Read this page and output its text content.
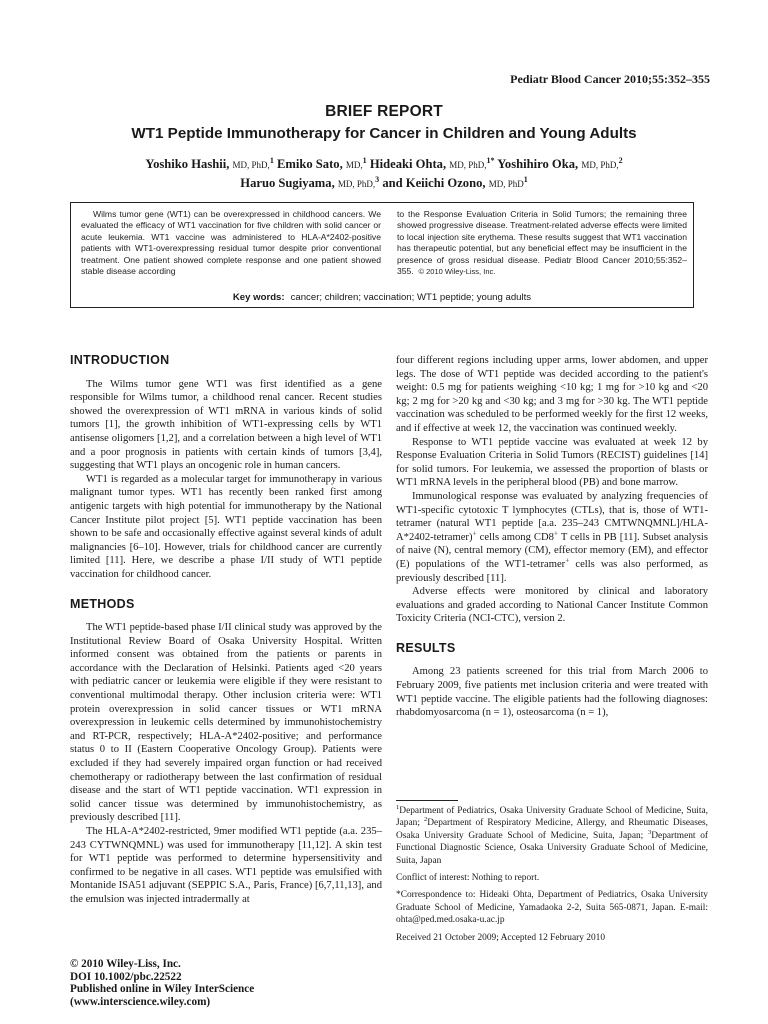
Pediatr Blood Cancer 2010;55:352–355
BRIEF REPORT
WT1 Peptide Immunotherapy for Cancer in Children and Young Adults
Yoshiko Hashii, MD, PhD,$^1$ Emiko Sato, MD,$^1$ Hideaki Ohta, MD, PhD,$^{1*}$ Yoshihiro Oka, MD, PhD,$^2$
Haruo Sugiyama, MD, PhD,$^3$ and Keiichi Ozono, MD, PhD$^1$

Wilms tumor gene (WT1) can be overexpressed in childhood cancers. We evaluated the efficacy of WT1 vaccination for five children with solid cancer or acute leukemia. WT1 vaccine was administered to HLA-A*2402-positive patients with WT1-overexpressing residual tumor despite prior conventional treatment. One patient showed complete response and one patient showed stable disease according

to the Response Evaluation Criteria in Solid Tumors; the remaining three showed progressive disease. Treatment-related adverse effects were limited to local injection site erythema. These results suggest that WT1 vaccination has therapeutic potential, but any beneficial effect may be insufficient in the presence of gross residual disease. Pediatr Blood Cancer 2010;55:352–355. © 2010 Wiley-Liss, Inc.

Key words: cancer; children; vaccination; WT1 peptide; young adults
INTRODUCTION

The Wilms tumor gene WT1 was first identified as a gene responsible for Wilms tumor, a childhood renal cancer. Recent studies showed the overexpression of WT1 mRNA in various kinds of solid tumors [1], the growth inhibition of WT1-expressing cells by WT1 antisense oligomers [1,2], and a correlation between a high level of WT1 and a poor prognosis in patients with certain kinds of tumors [3,4], suggesting that WT1 plays an oncogenic role in human cancers.

WT1 is regarded as a molecular target for immunotherapy in various malignant tumor types. WT1 has recently been ranked first among antigenic targets with high potential for immunotherapy by the National Cancer Institute pilot project [5]. WT1 peptide vaccination has been shown to be safe and occasionally effective against several kinds of adult malignancies [6–10]. However, trials for childhood cancer are currently limited [11]. Here, we describe a phase I/II study of WT1 peptide vaccination for childhood cancer.

METHODS

The WT1 peptide-based phase I/II clinical study was approved by the Institutional Review Board of Osaka University Hospital. Written informed consent was obtained from the patients or parents in accordance with the Declaration of Helsinki. Patients aged <20 years with pediatric cancer or leukemia were eligible if they were resistant to conventional multimodal therapy. Other inclusion criteria were: WT1 protein overexpression in solid cancer tissues or WT1 mRNA overexpression in leukemic cells determined by immunohistochemistry and RT-PCR, respectively; HLA-A*2402-positive; and performance status 0 to II (Eastern Cooperative Oncology Group). Patients were excluded if they had severely impaired organ function or had received chemotherapy or radiotherapy between the last confirmation of residual disease and the start of WT1 peptide vaccination. WT1 expression in solid cancer tissue was determined by immunohistochemistry, as previously described [11].

The HLA-A*2402-restricted, 9mer modified WT1 peptide (a.a. 235–243 CYTWNQMNL) was used for immunotherapy [11,12]. A skin test for WT1 peptide was performed to determine hypersensitivity and confirmed to be negative in all cases. WT1 peptide was emulsified with Montanide ISA51 adjuvant (SEPPIC S.A., Paris, France) [6,7,11,13], and the emulsion was injected intradermally at

four different regions including upper arms, lower abdomen, and upper legs. The dose of WT1 peptide was decided according to the patient's weight: 0.5 mg for patients weighing <10 kg; 1 mg for >10 kg and <20 kg; 2 mg for >20 kg and <30 kg; and 3 mg for >30 kg. The WT1 peptide vaccination was scheduled to be performed weekly for the first 12 weeks, and if effective at week 12, the vaccination was continued weekly.

Response to WT1 peptide vaccine was evaluated at week 12 by Response Evaluation Criteria in Solid Tumors (RECIST) guidelines [14] for solid tumors. For leukemia, we assessed the proportion of blasts or WT1 mRNA levels in the peripheral blood (PB) and bone marrow.

Immunological response was evaluated by analyzing frequencies of WT1-specific cytotoxic T lymphocytes (CTLs), that is, those of WT1-tetramer (natural WT1 peptide [a.a. 235–243 CMTWNQMNL]/HLA-A*2402-tetramer)+ cells among CD8+ T cells in PB [11]. Subset analysis of naive (N), central memory (CM), effector memory (EM), and effector (E) populations of the WT1-tetramer+ cells was also performed, as previously described [11].

Adverse effects were monitored by clinical and laboratory evaluations and graded according to National Cancer Institute Common Toxicity Criteria (NCI-CTC), version 2.

RESULTS

Among 23 patients screened for this trial from March 2006 to February 2009, five patients met inclusion criteria and were treated with WT1 peptide vaccine. The eligible patients had the following diagnoses: rhabdomyosarcoma (n = 1), osteosarcoma (n = 1),

$^1$Department of Pediatrics, Osaka University Graduate School of Medicine, Suita, Japan; $^2$Department of Respiratory Medicine, Allergy, and Rheumatic Diseases, Osaka University Graduate School of Medicine, Suita, Japan; $^3$Department of Functional Diagnostic Science, Osaka University Graduate School of Medicine, Suita, Japan

Conflict of interest: Nothing to report.

*Correspondence to: Hideaki Ohta, Department of Pediatrics, Osaka University Graduate School of Medicine, Yamadaoka 2-2, Suita 565-0871, Japan. E-mail: ohta@ped.med.osaka-u.ac.jp

Received 21 October 2009; Accepted 12 February 2010

© 2010 Wiley-Liss, Inc.
DOI 10.1002/pbc.22522
Published online in Wiley InterScience
(www.interscience.wiley.com)
